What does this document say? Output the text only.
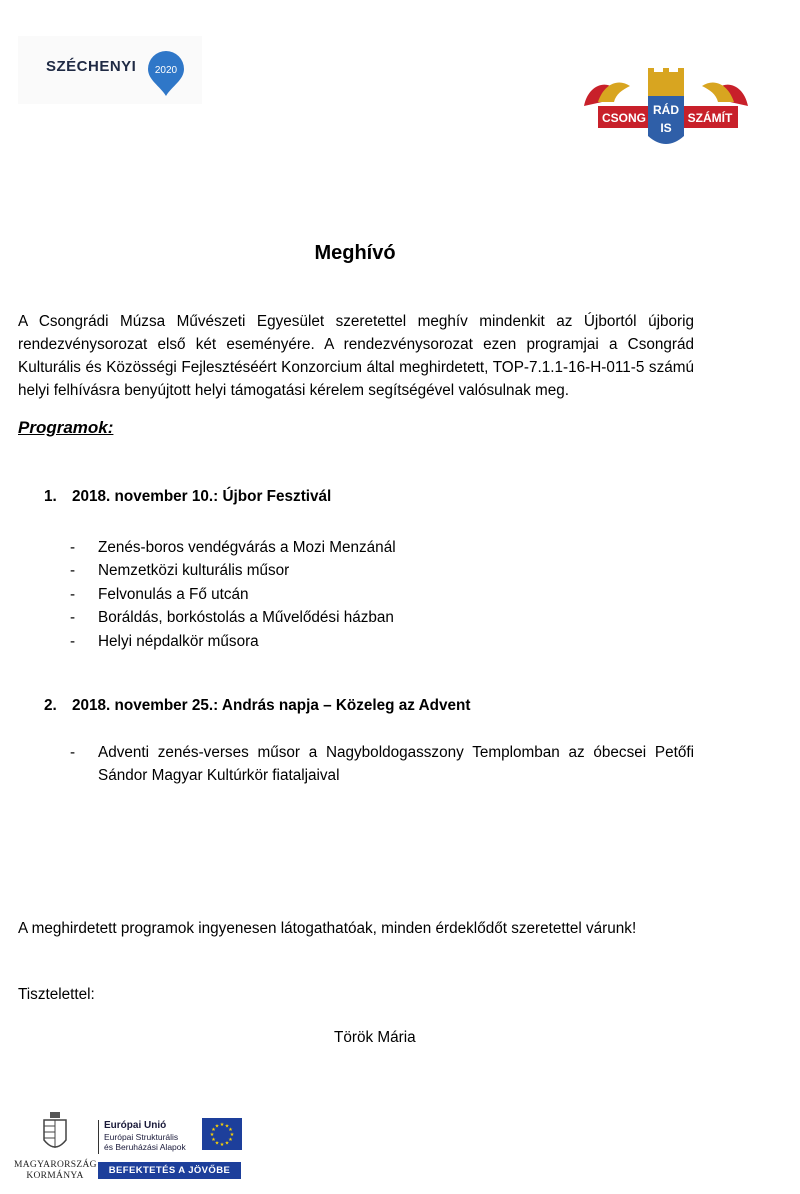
SZÉCHENYI 2020
CSONG
RÁD
IS
SZÁMÍT
Meghívó
A Csongrádi Múzsa Művészeti Egyesület szeretettel meghív mindenkit az Újbortól újborig rendezvénysorozat első két eseményére. A rendezvénysorozat ezen programjai a Csongrád Kulturális és Közösségi Fejlesztéséért Konzorcium által meghirdetett, TOP-7.1.1-16-H-011-5 számú helyi felhívásra benyújtott helyi támogatási kérelem segítségével valósulnak meg.
Programok:
1. 2018. november 10.: Újbor Fesztivál
- Zenés-boros vendégvárás a Mozi Menzánál
- Nemzetközi kulturális műsor
- Felvonulás a Fő utcán
- Boráldás, borkóstolás a Művelődési házban
- Helyi népdalkör műsora
2. 2018. november 25.: András napja – Közeleg az Advent
- Adventi zenés-verses műsor a Nagyboldogasszony Templomban az óbecsei Petőfi Sándor Magyar Kultúrkör fiataljaival
A meghirdetett programok ingyenesen látogathatóak, minden érdeklődőt szeretettel várunk!
Tisztelettel:
Török Mária
MAGYARORSZÁG
KORMÁNYA
Európai Unió
Európai Strukturális
és Beruházási Alapok
★ ★
★
★
★
★
★
★
★
★
★
★
BEFEKTETÉS A JÖVŐBE
